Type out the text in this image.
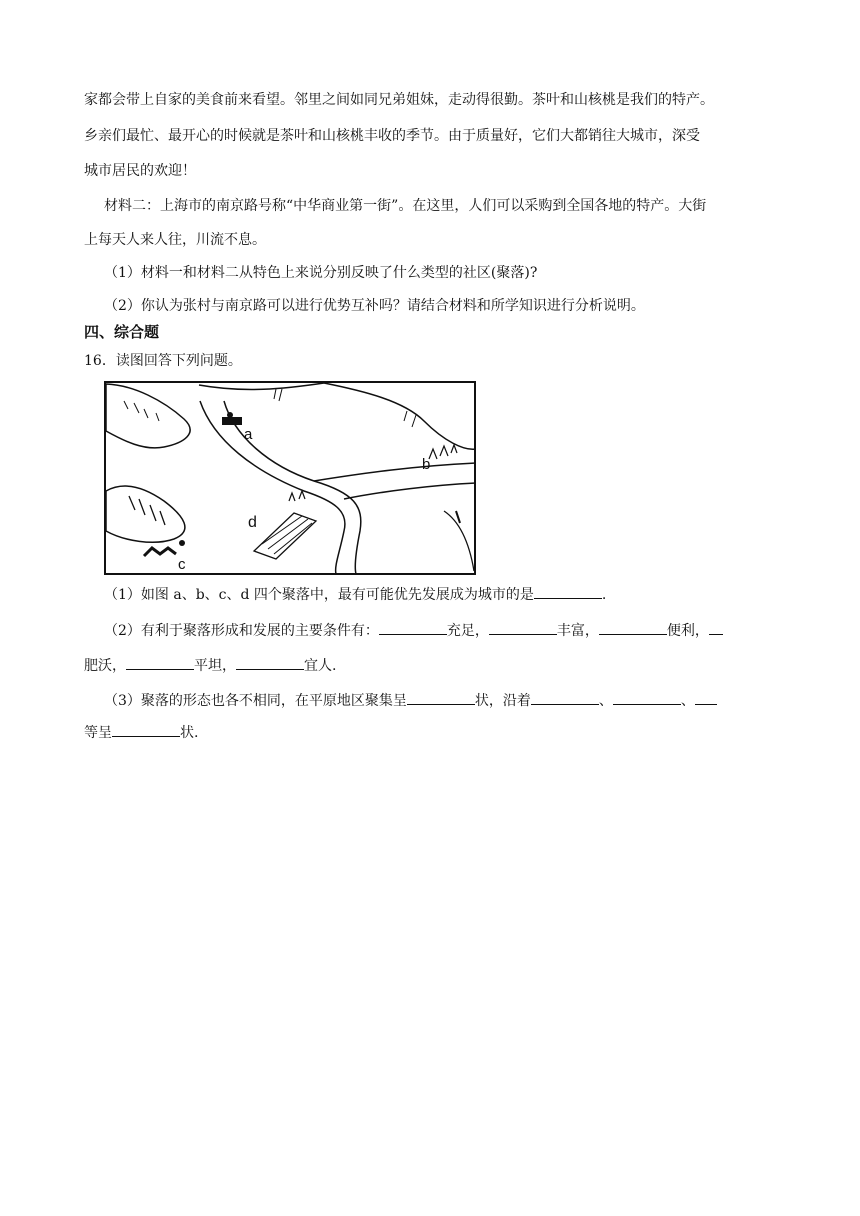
家都会带上自家的美食前来看望。邻里之间如同兄弟姐妹，走动得很勤。茶叶和山核桃是我们的特产。
乡亲们最忙、最开心的时候就是茶叶和山核桃丰收的季节。由于质量好，它们大都销往大城市，深受
城市居民的欢迎！
材料二：上海市的南京路号称“中华商业第一街”。在这里，人们可以采购到全国各地的特产。大街
上每天人来人往，川流不息。
（1）材料一和材料二从特色上来说分别反映了什么类型的社区(聚落)?
（2）你认为张村与南京路可以进行优势互补吗？请结合材料和所学知识进行分析说明。
四、综合题
16．读图回答下列问题。
a
b
c
d
（1）如图 a、b、c、d 四个聚落中，最有可能优先发展成为城市的是	.
（2）有利于聚落形成和发展的主要条件有：	充足，	丰富，	便利，
肥沃，	平坦，	宜人.
（3）聚落的形态也各不相同，在平原地区聚集呈	状，沿着	、	、
等呈	状.
